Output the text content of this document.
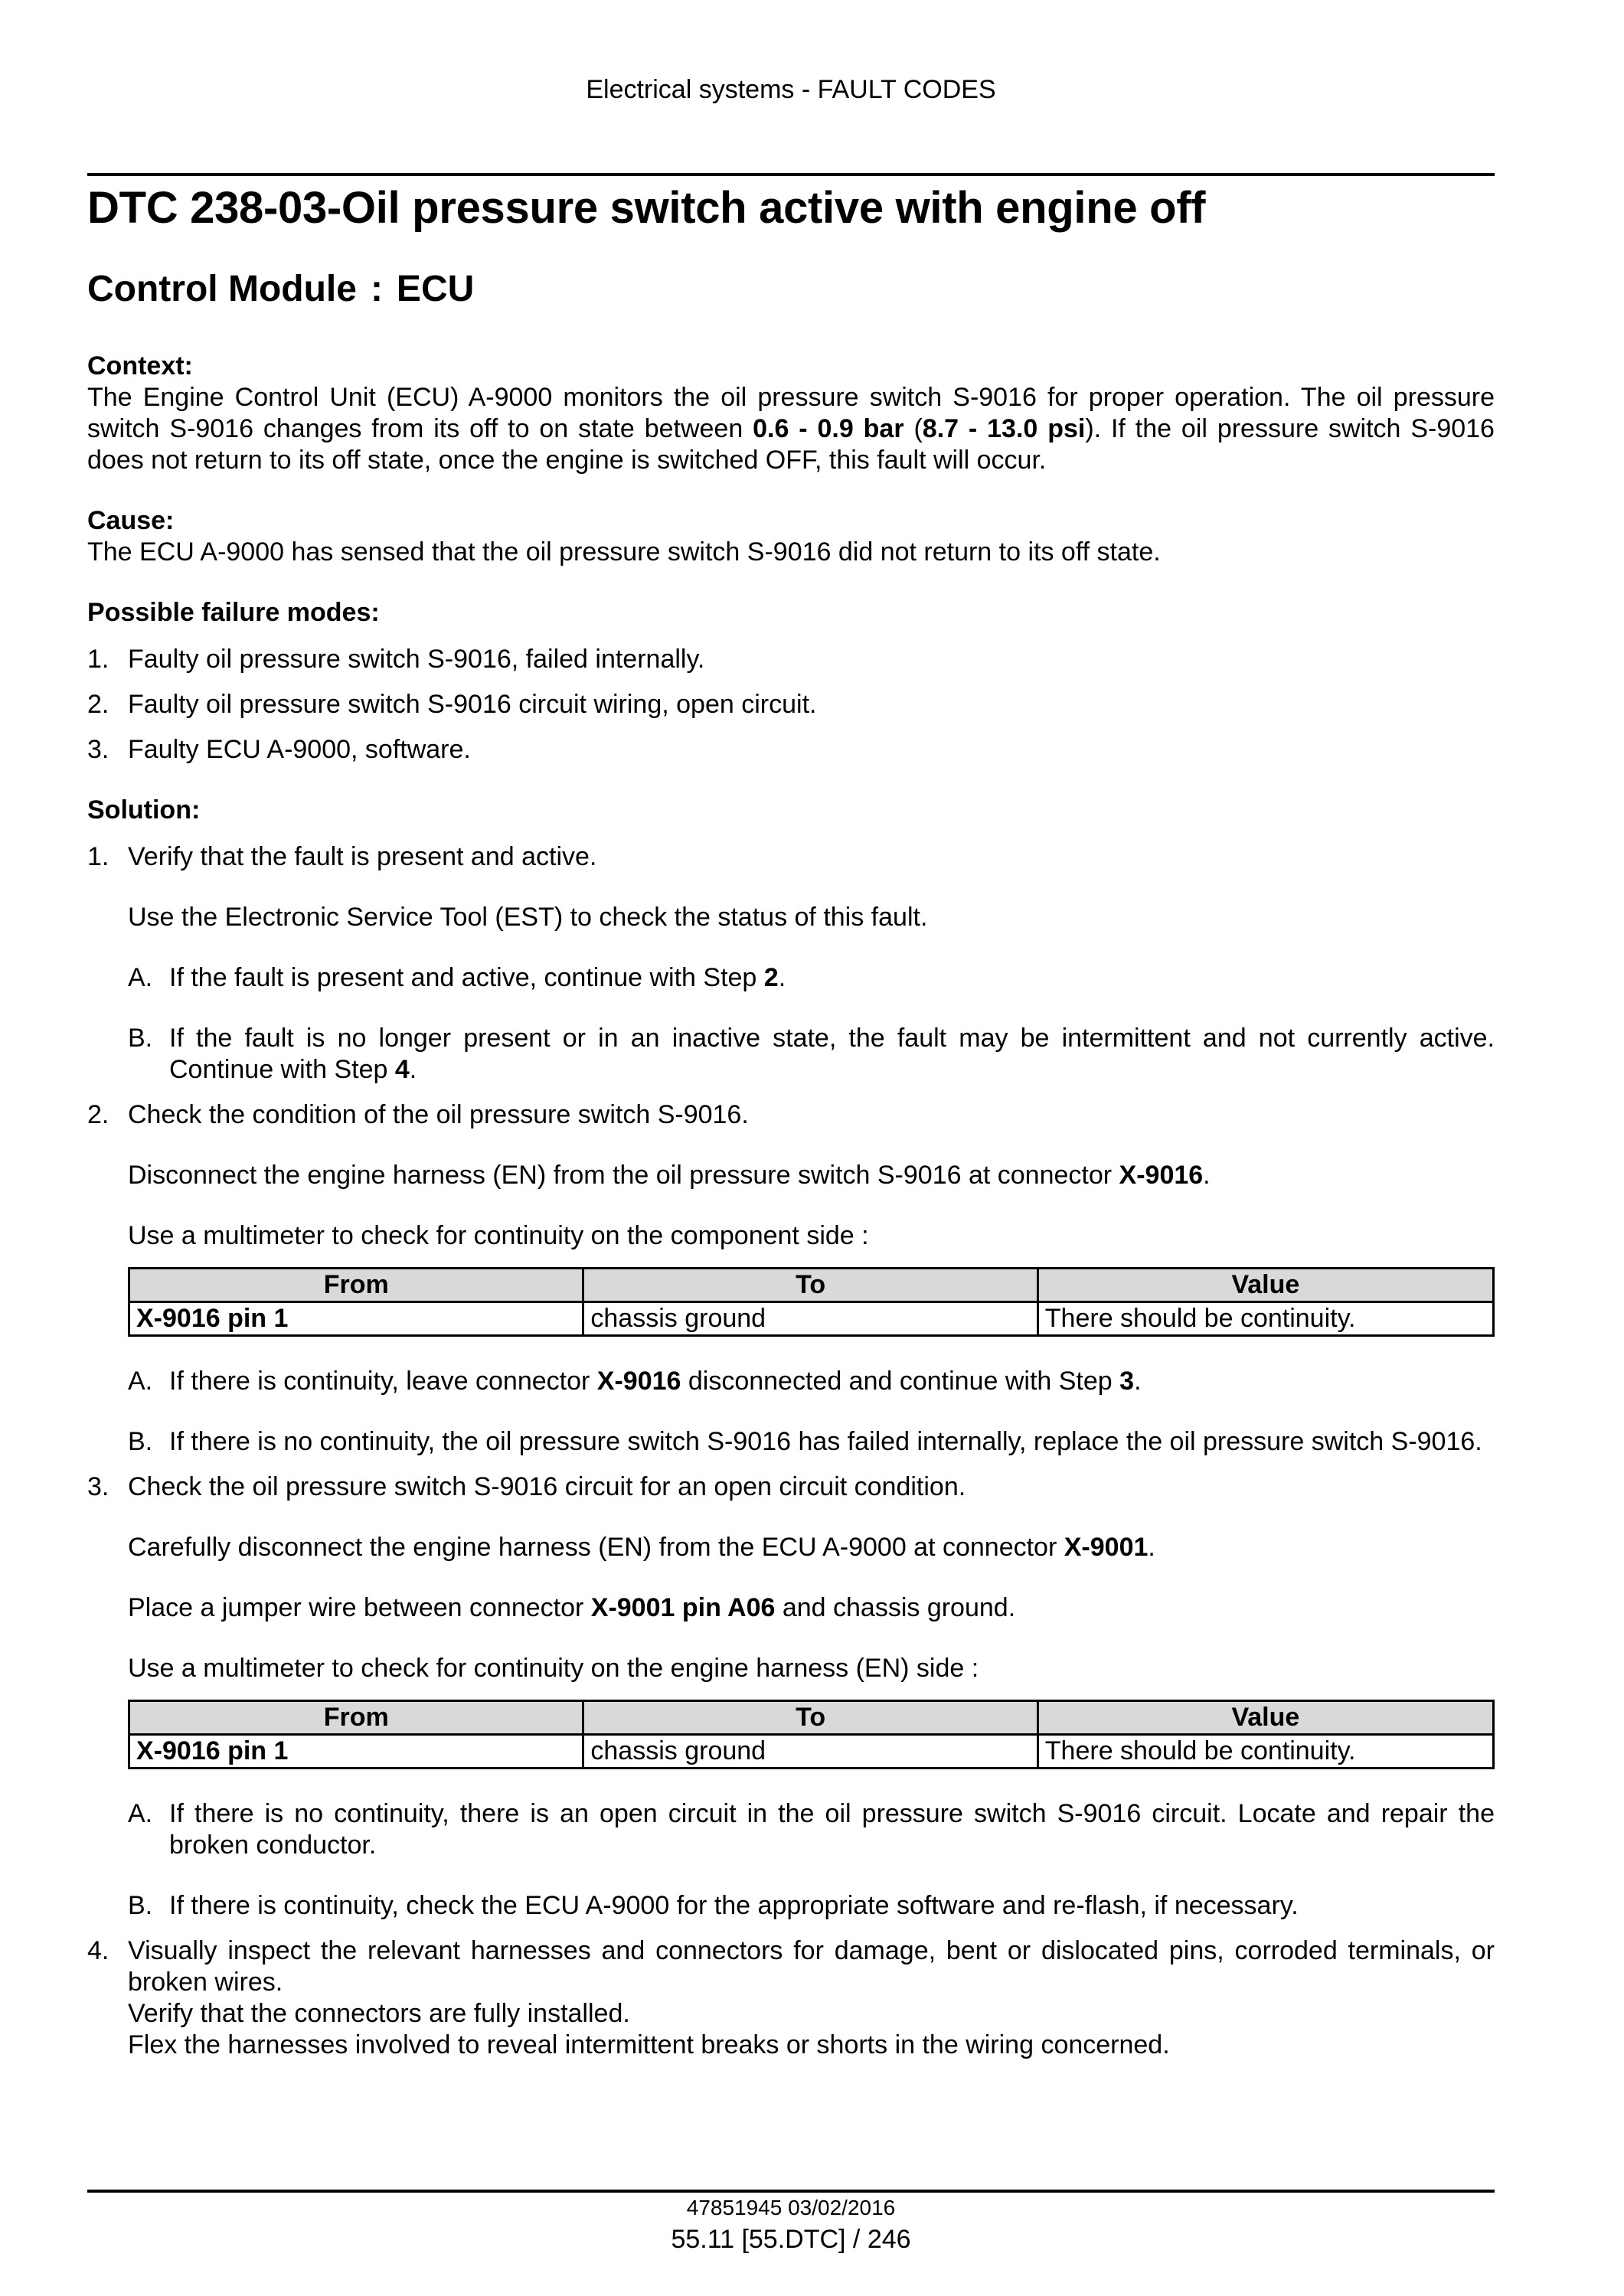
Electrical systems - FAULT CODES
DTC 238-03-Oil pressure switch active with engine off
Control Module : ECU
Context:

The Engine Control Unit (ECU) A-9000 monitors the oil pressure switch S-9016 for proper operation. The oil pressure switch S-9016 changes from its off to on state between 0.6 - 0.9 bar (8.7 - 13.0 psi). If the oil pressure switch S-9016 does not return to its off state, once the engine is switched OFF, this fault will occur.

Cause:

The ECU A-9000 has sensed that the oil pressure switch S-9016 did not return to its off state.

Possible failure modes:
1. Faulty oil pressure switch S-9016, failed internally.
2. Faulty oil pressure switch S-9016 circuit wiring, open circuit.
3. Faulty ECU A-9000, software.
Solution:
1. Verify that the fault is present and active.

Use the Electronic Service Tool (EST) to check the status of this fault.

A. If the fault is present and active, continue with Step 2.
B. If the fault is no longer present or in an inactive state, the fault may be intermittent and not currently active. Continue with Step 4.
2. Check the condition of the oil pressure switch S-9016.

Disconnect the engine harness (EN) from the oil pressure switch S-9016 at connector X-9016.

Use a multimeter to check for continuity on the component side :

From	To	Value
X-9016 pin 1	chassis ground	There should be continuity.
A. If there is continuity, leave connector X-9016 disconnected and continue with Step 3.
B. If there is no continuity, the oil pressure switch S-9016 has failed internally, replace the oil pressure switch S-9016.
3. Check the oil pressure switch S-9016 circuit for an open circuit condition.

Carefully disconnect the engine harness (EN) from the ECU A-9000 at connector X-9001.

Place a jumper wire between connector X-9001 pin A06 and chassis ground.

Use a multimeter to check for continuity on the engine harness (EN) side :

From	To	Value
X-9016 pin 1	chassis ground	There should be continuity.
A. If there is no continuity, there is an open circuit in the oil pressure switch S-9016 circuit. Locate and repair the broken conductor.
B. If there is continuity, check the ECU A-9000 for the appropriate software and re-flash, if necessary.
4. Visually inspect the relevant harnesses and connectors for damage, bent or dislocated pins, corroded terminals, or broken wires.

Verify that the connectors are fully installed.

Flex the harnesses involved to reveal intermittent breaks or shorts in the wiring concerned.

47851945 03/02/2016
55.11 [55.DTC] / 246
